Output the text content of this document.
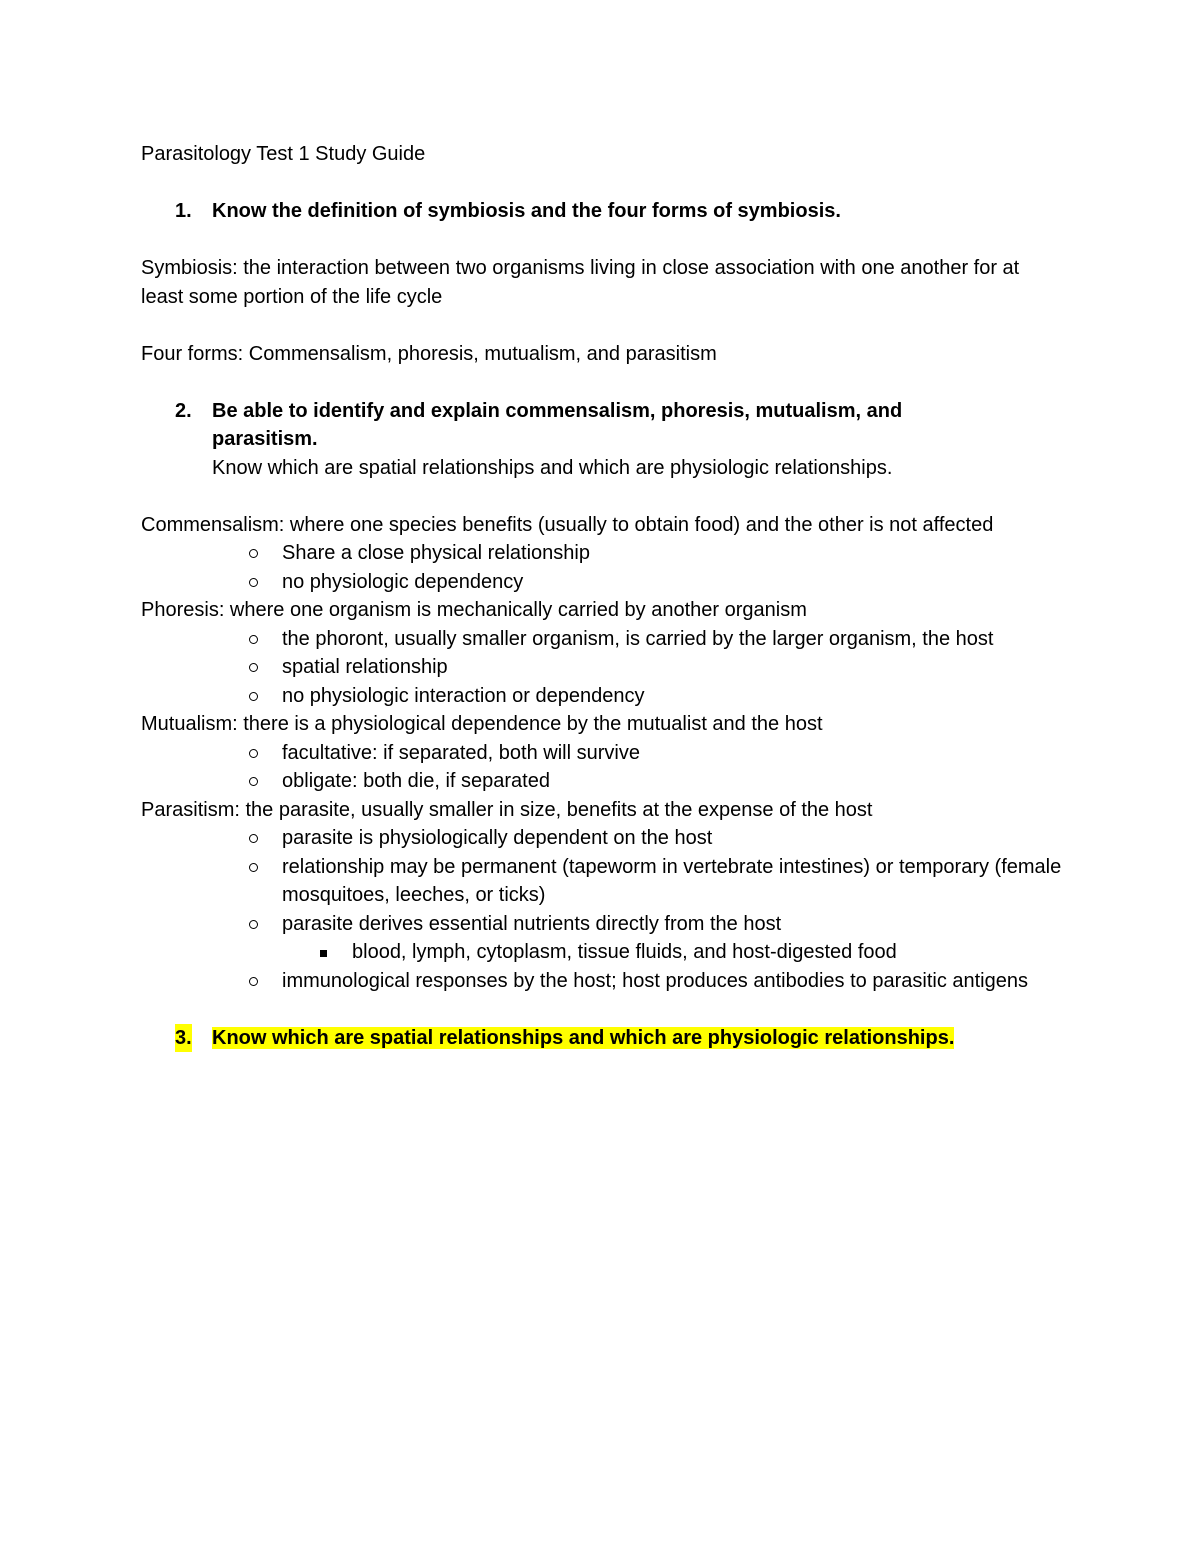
Parasitology Test 1 Study Guide
1. Know the definition of symbiosis and the four forms of symbiosis.
Symbiosis: the interaction between two organisms living in close association with one another for at least some portion of the life cycle
Four forms: Commensalism, phoresis, mutualism, and parasitism
2. Be able to identify and explain commensalism, phoresis, mutualism, and parasitism.
Know which are spatial relationships and which are physiologic relationships.
Commensalism: where one species benefits (usually to obtain food) and the other is not affected
Share a close physical relationship
no physiologic dependency
Phoresis: where one organism is mechanically carried by another organism
the phoront, usually smaller organism, is carried by the larger organism, the host
spatial relationship
no physiologic interaction or dependency
Mutualism: there is a physiological dependence by the mutualist and the host
facultative: if separated, both will survive
obligate: both die, if separated
Parasitism: the parasite, usually smaller in size, benefits at the expense of the host
parasite is physiologically dependent on the host
relationship may be permanent (tapeworm in vertebrate intestines) or temporary (female mosquitoes, leeches, or ticks)
parasite derives essential nutrients directly from the host
blood, lymph, cytoplasm, tissue fluids, and host-digested food
immunological responses by the host; host produces antibodies to parasitic antigens
3. Know which are spatial relationships and which are physiologic relationships.
